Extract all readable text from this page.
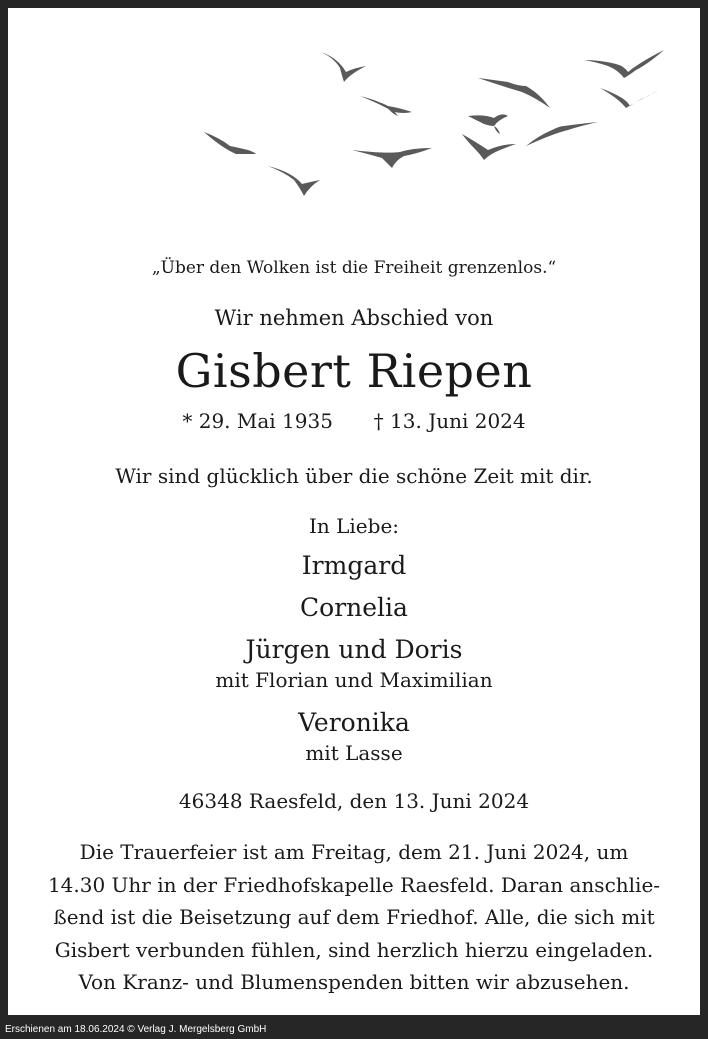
„Über den Wolken ist die Freiheit grenzenlos.“
Wir nehmen Abschied von
Gisbert Riepen
* 29. Mai 1935 † 13. Juni 2024
Wir sind glücklich über die schöne Zeit mit dir.
In Liebe:
Irmgard
Cornelia
Jürgen und Doris
mit Florian und Maximilian
Veronika
mit Lasse
46348 Raesfeld, den 13. Juni 2024
Die Trauerfeier ist am Freitag, dem 21. Juni 2024, um
14.30 Uhr in der Friedhofskapelle Raesfeld. Daran anschlie-
ßend ist die Beisetzung auf dem Friedhof. Alle, die sich mit
Gisbert verbunden fühlen, sind herzlich hierzu eingeladen.
Von Kranz- und Blumenspenden bitten wir abzusehen.
Erschienen am 18.06.2024 © Verlag J. Mergelsberg GmbH
